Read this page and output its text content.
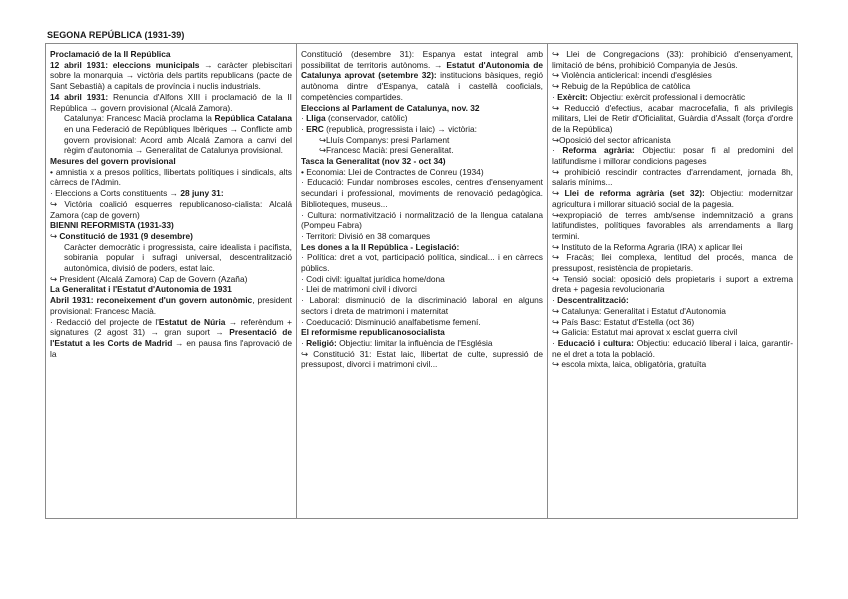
SEGONA REPÚBLICA (1931-39)

Proclamació de la II República

12 abril 1931: eleccions municipals → caràcter plebiscitari sobre la monarquia → victòria dels partits republicans (pacte de Sant Sebastià) a capitals de província i nuclis industrials.

14 abril 1931: Renuncia d'Alfons XIII i proclamació de la II República → govern provisional (Alcalá Zamora).

Catalunya: Francesc Macià proclama la República Catalana en una Federació de Repúbliques Ibèriques → Conflicte amb govern provisional: Acord amb Alcalá Zamora a canvi del règim d'autonomia → Generalitat de Catalunya provisional.

Mesures del govern provisional

• amnistia x a presos polítics, llibertats polítiques i sindicals, alts càrrecs de l'Admin.

· Eleccions a Corts constituents → 28 juny 31:

↪ Victòria coalició esquerres republicanoso-cialista: Alcalá Zamora (cap de govern)

BIENNI REFORMISTA (1931-33)

↪ Constitució de 1931 (9 desembre)

Caràcter democràtic i progressista, caire idealista i pacifista, sobirania popular i sufragi universal, descentralització autonòmica, divisió de poders, estat laic.

↪ President (Alcalá Zamora) Cap de Govern (Azaña)

La Generalitat i l'Estatut d'Autonomia de 1931

Abril 1931: reconeixement d'un govern autonòmic, president provisional: Francesc Macià.

· Redacció del projecte de l'Estatut de Núria → referèndum + signatures (2 agost 31) → gran suport → Presentació de l'Estatut a les Corts de Madrid → en pausa fins l'aprovació de la

Constitució (desembre 31): Espanya estat integral amb possibilitat de territoris autònoms. → Estatut d'Autonomia de Catalunya aprovat (setembre 32): institucions bàsiques, regió autònoma dintre d'Espanya, català i castellà cooficials, competències compartides.

Eleccions al Parlament de Catalunya, nov. 32

· Lliga (conservador, catòlic)

· ERC (republicà, progressista i laic) → victòria:

↪Lluís Companys: presi Parlament

↪Francesc Macià: presi Generalitat.

Tasca la Generalitat (nov 32 - oct 34)

• Economia: Llei de Contractes de Conreu (1934)

· Educació: Fundar nombroses escoles, centres d'ensenyament secundari i professional, moviments de renovació pedagògica. Biblioteques, museus...

· Cultura: normativització i normalització de la llengua catalana (Pompeu Fabra)

· Territori: Divisió en 38 comarques

Les dones a la II República - Legislació:

· Política: dret a vot, participació política, sindical... i en càrrecs públics.

· Codi civil: igualtat jurídica home/dona

· Llei de matrimoni civil i divorci

· Laboral: disminució de la discriminació laboral en alguns sectors i dreta de matrimoni i maternitat

· Coeducació: Disminució analfabetisme femení.

El reformisme republicanosocialista

· Religió: Objectiu: limitar la influència de l'Església

↪ Constitució 31: Estat laic, llibertat de culte, supressió de pressupost, divorci i matrimoni civil...

↪ Llei de Congregacions (33): prohibició d'ensenyament, limitació de béns, prohibició Companyia de Jesús.

↪ Violència anticlerical: incendi d'esglésies

↪ Rebuig de la República de catòlica

· Exèrcit: Objectiu: exèrcit professional i democràtic

↪ Reducció d'efectius, acabar macrocefalia, fi als privilegis militars, Llei de Retir d'Oficialitat, Guàrdia d'Assalt (força d'ordre de la República)

↪Oposició del sector africanista

· Reforma agrària: Objectiu: posar fi al predomini del latifundisme i millorar condicions pageses

↪ prohibició rescindir contractes d'arrendament, jornada 8h, salaris mínims...

↪ Llei de reforma agrària (set 32): Objectiu: modernitzar agricultura i millorar situació social de la pagesia.

↪expropiació de terres amb/sense indemnització a grans latifundistes, polítiques favorables als arrendaments a llarg termini.

↪ Instituto de la Reforma Agraria (IRA) x aplicar llei

↪ Fracàs; llei complexa, lentitud del procés, manca de pressupost, resistència de propietaris.

↪ Tensió social: oposició dels propietaris i suport a extrema dreta + pagesia revolucionaria

· Descentralització:

↪ Catalunya: Generalitat i Estatut d'Autonomia

↪ País Basc: Estatut d'Estella (oct 36)

↪ Galicia: Estatut mai aprovat x esclat guerra civil

· Educació i cultura: Objectiu: educació liberal i laica, garantir-ne el dret a tota la població.

↪ escola mixta, laica, obligatòria, gratuïta
